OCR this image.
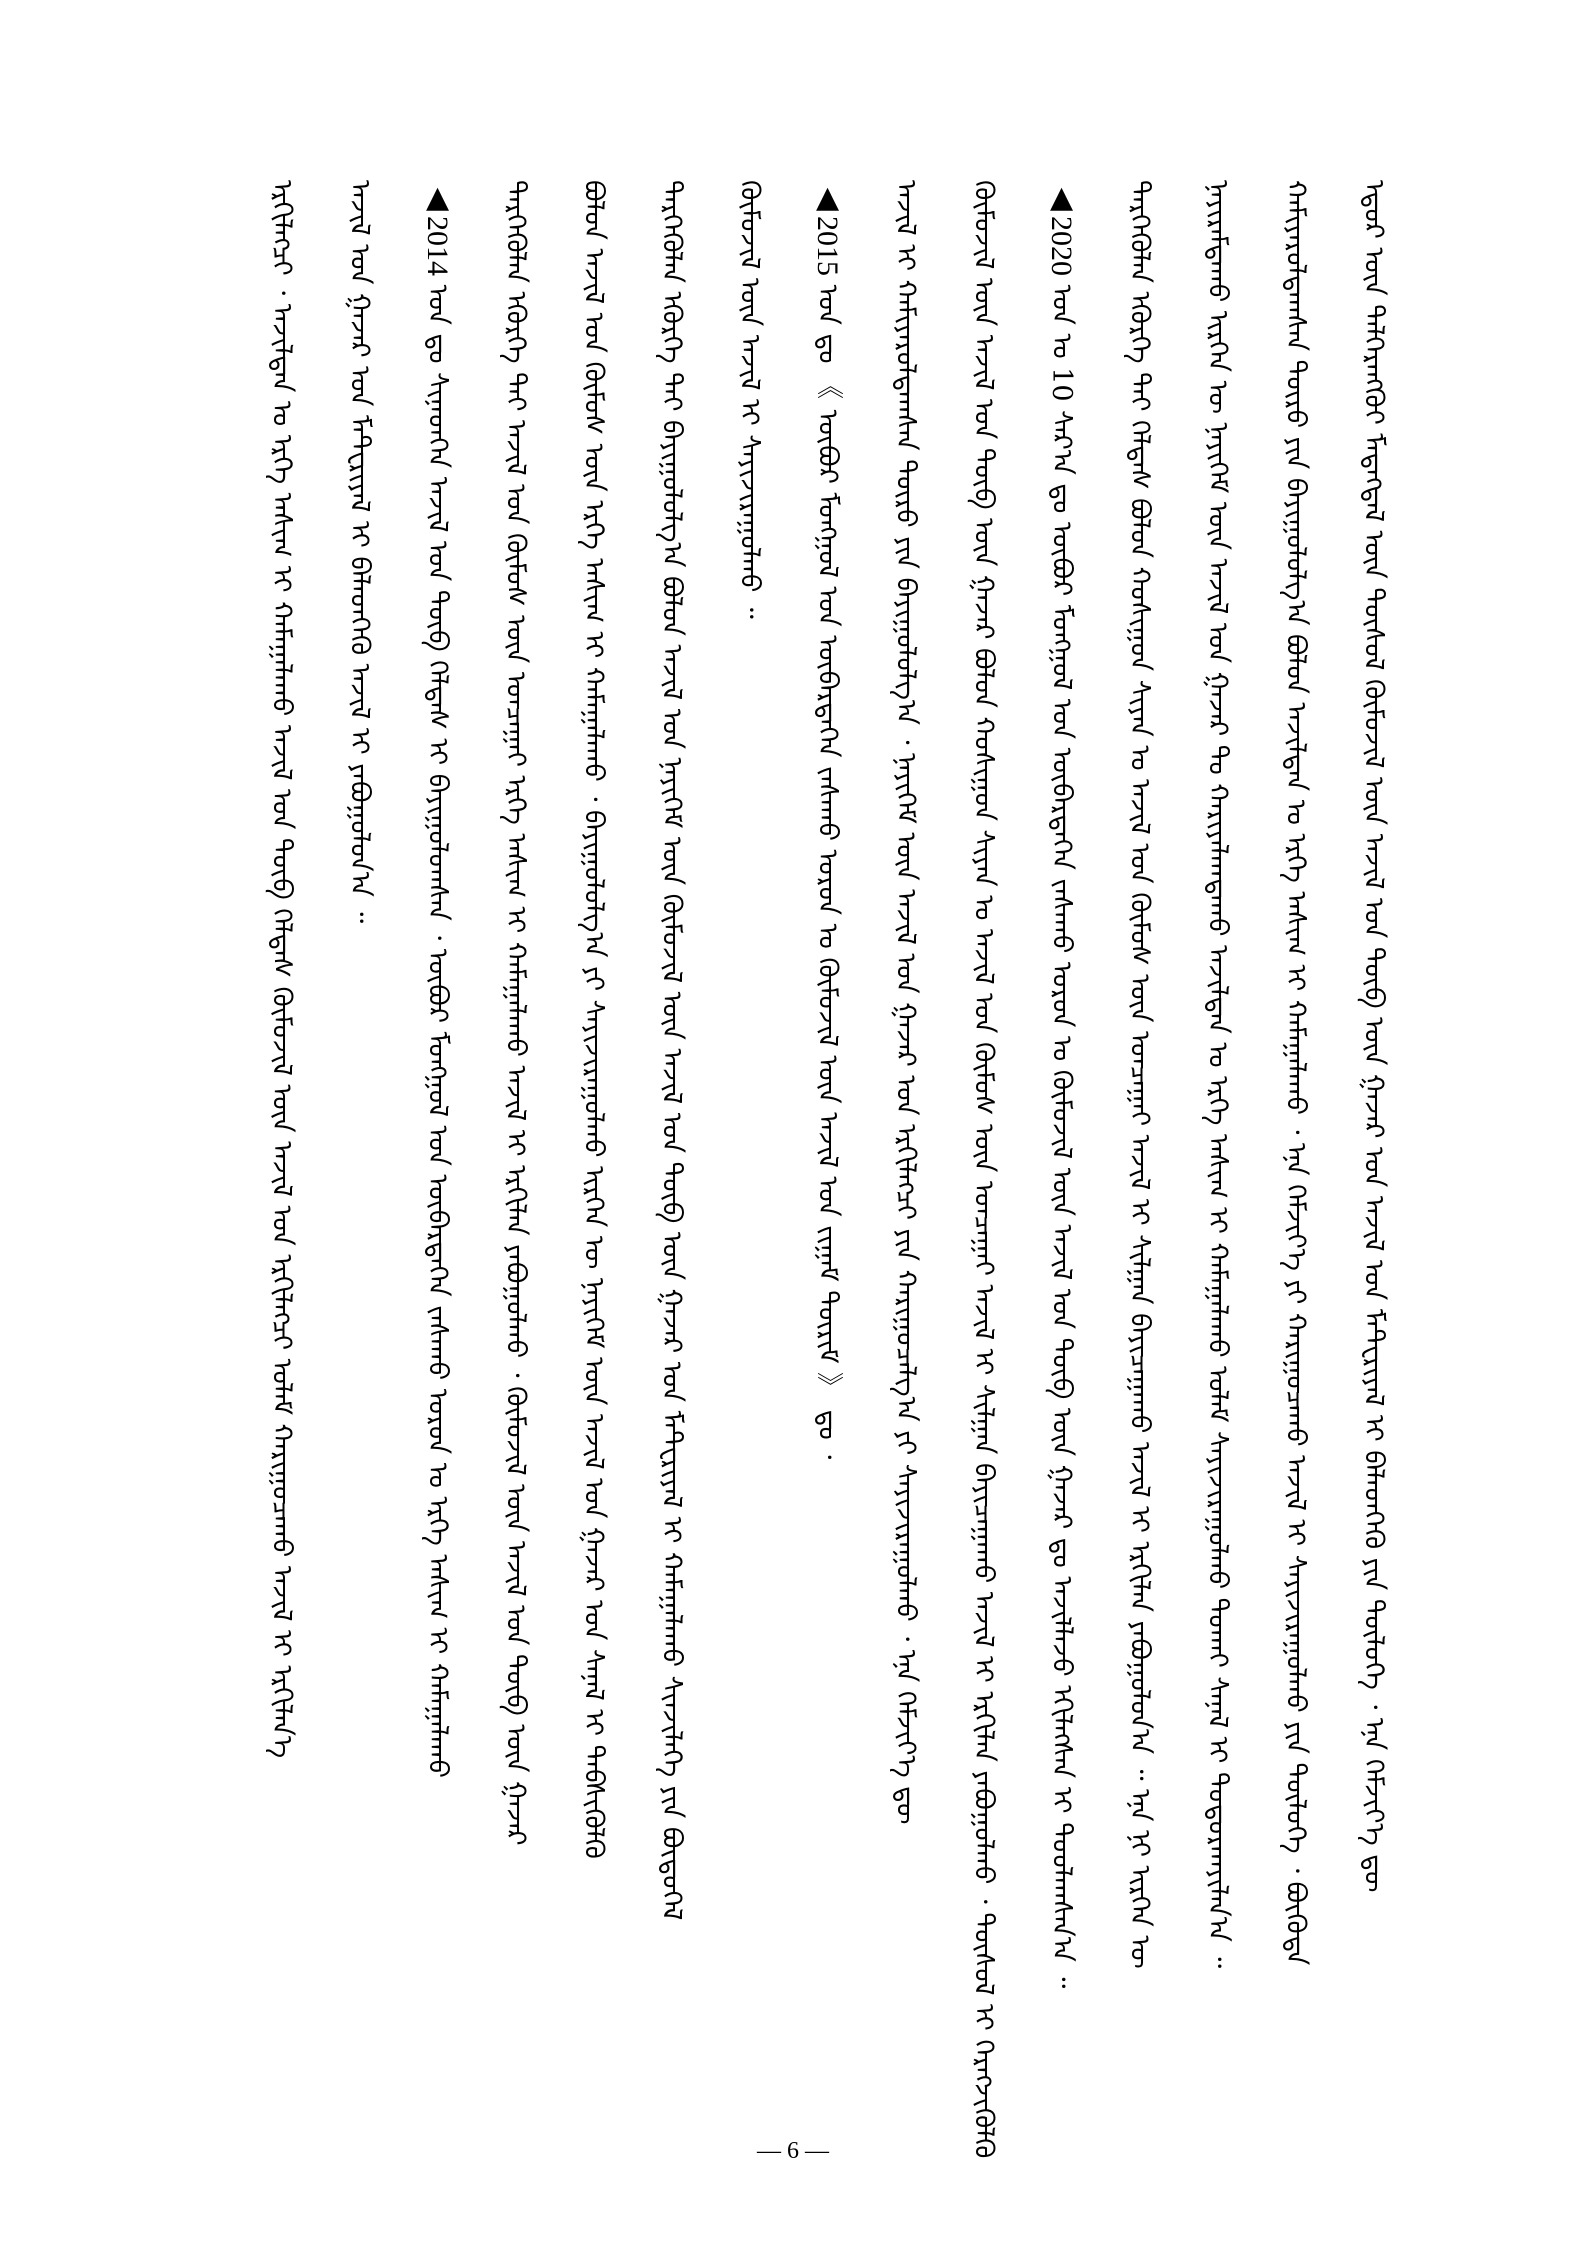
ᠡᠳᠦᠷ ᠦᠨ ᠳᠡᠯᠭᠡᠷᠡᠩᠭᠦᠢ ᠮᠡᠳᠡᠭᠳᠡᠯ ᠦᠨ ᠲᠥᠰᠥᠯ ᠬᠥᠮᠥᠵᠢᠯ ᠦᠨ ᠠᠵᠢᠯ ᠤᠨ ᠲᠥᠪ ᠦᠨ ᠭᠠᠵᠠᠷ ᠤᠨ ᠠᠵᠢᠯ ᠤᠨ ᠮᠠᠲ᠋ᠧᠷᠢᠶᠠᠯ ᠢ ᠪᠡᠯᠡᠳᠭᠡᠬᠦ ᠶᠢᠨ ᠲᠥᠯᠥᠭᠡ ᠂ ᠡᠨᠡ ᠬᠡᠮᠵᠢᠶ᠎ᠡ ᠳᠦ
ᠬᠠᠮᠢᠶᠠᠷᠤᠯᠳᠠᠭᠰᠠᠨ ᠲᠥᠷᠥ ᠶᠢᠨ ᠪᠠᠶᠢᠭᠤᠯᠤᠯᠭ᠎ᠠ ᠪᠣᠯᠤᠨ ᠠᠵᠢᠯᠲᠠᠨ ᠤ ᠡᠷᠬᠡ ᠠᠰᠢᠭ ᠢ ᠬᠠᠮᠠᠭᠠᠯᠠᠬᠤ ᠂ ᠡᠨᠡ ᠬᠡᠮᠵᠢᠶ᠎ᠡ ᠶᠢ ᠬᠠᠷᠢᠭᠤᠴᠠᠬᠤ ᠠᠵᠢᠯ ᠢ ᠰᠠᠶᠢᠵᠢᠷᠠᠭᠤᠯᠬᠤ ᠶᠢᠨ ᠲᠥᠯᠥᠭᠡ ᠂ ᠪᠦᠭᠦᠳᠡ
ᠨᠠᠶᠢᠷᠠᠮᠳᠠᠬᠤ ᠢᠷᠭᠡᠨ ᠦ ᠨᠡᠶᠢᠭᠡᠮ ᠦᠨ ᠠᠵᠢᠯ ᠤᠨ ᠭᠠᠵᠠᠷ ᠲᠤ ᠬᠠᠷᠢᠶᠠᠯᠠᠭᠳᠠᠬᠤ ᠠᠵᠢᠯᠲᠠᠨ ᠤ ᠡᠷᠬᠡ ᠠᠰᠢᠭ ᠢ ᠬᠠᠮᠠᠭᠠᠯᠠᠬᠤ ᠤᠯᠠᠮ ᠰᠠᠶᠢᠵᠢᠷᠠᠭᠤᠯᠬᠤ ᠲᠤᠬᠠᠢ ᠰᠠᠨᠠᠯ ᠢ ᠲᠣᠳᠣᠷᠬᠠᠶᠢᠯᠠᠨ᠎ᠠ ᠃
ᠲᠡᠷᠭᠡᠭᠦᠯᠡᠨ ᠡᠭᠦᠷᠭᠡ ᠲᠠᠢ ᠬᠡᠯᠲᠡᠰ ᠪᠣᠯᠤᠨ ᠬᠣᠰᠢᠭᠤᠨ ᠰᠢᠶᠠᠨ ᠤ ᠠᠵᠢᠯ ᠤᠨ ᠬᠦᠮᠦᠰ ᠦᠨ ᠣᠨᠴᠠᠭᠠᠢ ᠠᠵᠢᠯ ᠢ ᠰᠢᠯᠭᠠᠨ ᠪᠠᠶᠢᠴᠠᠭᠠᠬᠤ ᠠᠵᠢᠯ ᠢ ᠡᠷᠬᠢᠯᠡᠨ ᠶᠠᠪᠤᠭᠤᠯᠤᠨ᠎ᠠ ᠃ ᠡᠨᠡ ᠨᠢ ᠢᠷᠭᠡᠨ ᠦ
▲2020 ᠣᠨ ᠤ 10 ᠰᠠᠷ᠎ᠠ ᠳᠤ ᠥᠪᠥᠷ ᠮᠣᠩᠭᠣᠯ ᠤᠨ ᠥᠪᠡᠷᠲᠡᠭᠡᠨ ᠵᠠᠰᠠᠬᠤ ᠣᠷᠤᠨ ᠤ ᠬᠥᠮᠥᠵᠢᠯ ᠦᠨ ᠠᠵᠢᠯ ᠤᠨ ᠲᠥᠪ ᠦᠨ ᠭᠠᠵᠠᠷ ᠳᠤ ᠠᠵᠢᠯᠯᠠᠵᠤ ᠡᠬᠢᠯᠡᠭᠰᠡᠨ ᠢ ᠳᠤᠤᠯᠠᠭᠰᠠᠨ᠎ᠠ ᠃
ᠬᠥᠮᠥᠵᠢᠯ ᠦᠨ ᠠᠵᠢᠯ ᠤᠨ ᠲᠥᠪ ᠦᠨ ᠭᠠᠵᠠᠷ ᠪᠣᠯᠤᠨ ᠬᠣᠰᠢᠭᠤᠨ ᠰᠢᠶᠠᠨ ᠤ ᠠᠵᠢᠯ ᠤᠨ ᠬᠦᠮᠦᠰ ᠦᠨ ᠣᠨᠴᠠᠭᠠᠢ ᠠᠵᠢᠯ ᠢ ᠰᠢᠯᠭᠠᠨ ᠪᠠᠶᠢᠴᠠᠭᠠᠬᠤ ᠠᠵᠢᠯ ᠢ ᠡᠷᠬᠢᠯᠡᠨ ᠶᠠᠪᠤᠭᠤᠯᠬᠤ ᠂ ᠲᠥᠰᠥᠯ ᠢ ᠬᠡᠷᠡᠭᠵᠢᠭᠦᠯᠬᠦ
ᠠᠵᠢᠯ ᠢ ᠬᠠᠮᠢᠶᠠᠷᠤᠯᠳᠠᠭᠰᠠᠨ ᠲᠥᠷᠥ ᠶᠢᠨ ᠪᠠᠶᠢᠭᠤᠯᠤᠯᠭ᠎ᠠ ᠂ ᠨᠡᠶᠢᠭᠡᠮ ᠦᠨ ᠠᠵᠢᠯ ᠤᠨ ᠭᠠᠵᠠᠷ ᠤᠨ ᠡᠷᠬᠢᠯᠡᠭᠴᠢ ᠶᠢᠨ ᠬᠠᠷᠢᠭᠤᠴᠠᠯᠭ᠎ᠠ ᠶᠢ ᠰᠠᠶᠢᠵᠢᠷᠠᠭᠤᠯᠬᠤ ᠂ ᠡᠨᠡ ᠬᠡᠮᠵᠢᠶ᠎ᠡ ᠳᠦ
▲2015 ᠣᠨ ᠳᠤ 《 ᠥᠪᠥᠷ ᠮᠣᠩᠭᠣᠯ ᠤᠨ ᠥᠪᠡᠷᠲᠡᠭᠡᠨ ᠵᠠᠰᠠᠬᠤ ᠣᠷᠤᠨ ᠤ ᠬᠥᠮᠥᠵᠢᠯ ᠦᠨ ᠠᠵᠢᠯ ᠤᠨ ᠵᠢᠭᠠᠮ ᠳᠦᠷᠢᠮ 》 ᠳᠤ ᠂
ᠬᠥᠮᠥᠵᠢᠯ ᠦᠨ ᠠᠵᠢᠯ ᠢ ᠰᠠᠶᠢᠵᠢᠷᠠᠭᠤᠯᠬᠤ ᠃
ᠲᠡᠷᠭᠡᠭᠦᠯᠡᠨ ᠡᠭᠦᠷᠭᠡ ᠲᠠᠢ ᠪᠠᠶᠢᠭᠤᠯᠤᠯᠭ᠎ᠠ ᠪᠣᠯᠤᠨ ᠠᠵᠢᠯ ᠤᠨ ᠨᠡᠶᠢᠭᠡᠮ ᠦᠨ ᠬᠥᠮᠥᠵᠢᠯ ᠦᠨ ᠠᠵᠢᠯ ᠤᠨ ᠲᠥᠪ ᠦᠨ ᠭᠠᠵᠠᠷ ᠤᠨ ᠮᠠᠲ᠋ᠧᠷᠢᠶᠠᠯ ᠢ ᠬᠠᠮᠠᠭᠠᠯᠠᠬᠤ ᠰᠢᠨᠵᠢᠯᠡᠭᠡ ᠶᠢᠨ ᠪᠦᠲᠦᠭᠡᠯ
ᠪᠣᠯᠤᠨ ᠠᠵᠢᠯ ᠤᠨ ᠬᠦᠮᠦᠰ ᠦᠨ ᠡᠷᠬᠡ ᠠᠰᠢᠭ ᠢ ᠬᠠᠮᠠᠭᠠᠯᠠᠬᠤ ᠂ ᠪᠠᠶᠢᠭᠤᠯᠤᠯᠭ᠎ᠠ ᠶᠢ ᠰᠠᠶᠢᠵᠢᠷᠠᠭᠤᠯᠬᠤ ᠢᠷᠭᠡᠨ ᠦ ᠨᠡᠶᠢᠭᠡᠮ ᠦᠨ ᠠᠵᠢᠯ ᠤᠨ ᠭᠠᠵᠠᠷ ᠤᠨ ᠰᠠᠨᠠᠯ ᠢ ᠳᠡᠪᠰᠢᠭᠦᠯᠬᠦ
ᠲᠡᠷᠭᠡᠭᠦᠯᠡᠨ ᠡᠭᠦᠷᠭᠡ ᠲᠠᠢ ᠠᠵᠢᠯ ᠤᠨ ᠬᠦᠮᠦᠰ ᠦᠨ ᠣᠨᠴᠠᠭᠠᠢ ᠡᠷᠬᠡ ᠠᠰᠢᠭ ᠢ ᠬᠠᠮᠠᠭᠠᠯᠠᠬᠤ ᠠᠵᠢᠯ ᠢ ᠡᠷᠬᠢᠯᠡᠨ ᠶᠠᠪᠤᠭᠤᠯᠬᠤ ᠂ ᠬᠥᠮᠥᠵᠢᠯ ᠦᠨ ᠠᠵᠢᠯ ᠤᠨ ᠲᠥᠪ ᠦᠨ ᠭᠠᠵᠠᠷ
▲2014 ᠣᠨ ᠳᠤ ᠰᠢᠨᠡᠳᠬᠡᠨ ᠠᠵᠢᠯ ᠤᠨ ᠲᠥᠪ ᠬᠡᠯᠲᠡᠰ ᠢ ᠪᠠᠶᠢᠭᠤᠯᠤᠭᠰᠠᠨ ᠂ ᠥᠪᠥᠷ ᠮᠣᠩᠭᠣᠯ ᠤᠨ ᠥᠪᠡᠷᠲᠡᠭᠡᠨ ᠵᠠᠰᠠᠬᠤ ᠣᠷᠤᠨ ᠤ ᠡᠷᠬᠡ ᠠᠰᠢᠭ ᠢ ᠬᠠᠮᠠᠭᠠᠯᠠᠬᠤ
ᠠᠵᠢᠯ ᠤᠨ ᠭᠠᠵᠠᠷ ᠤᠨ ᠮᠠᠲ᠋ᠧᠷᠢᠶᠠᠯ ᠢ ᠪᠡᠯᠡᠳᠭᠡᠬᠦ ᠠᠵᠢᠯ ᠢ ᠶᠠᠪᠤᠭᠤᠯᠤᠨ᠎ᠠ ᠃
ᠡᠷᠬᠢᠯᠡᠭᠴᠢ ᠂ ᠠᠵᠢᠯᠲᠠᠨ ᠤ ᠡᠷᠬᠡ ᠠᠰᠢᠭ ᠢ ᠬᠠᠮᠠᠭᠠᠯᠠᠬᠤ ᠠᠵᠢᠯ ᠤᠨ ᠲᠥᠪ ᠬᠡᠯᠲᠡᠰ ᠬᠥᠮᠥᠵᠢᠯ ᠦᠨ ᠠᠵᠢᠯ ᠤᠨ ᠡᠷᠬᠢᠯᠡᠭᠴᠢ ᠤᠯᠠᠮ ᠬᠠᠷᠢᠭᠤᠴᠠᠬᠤ ᠠᠵᠢᠯ ᠢ ᠡᠷᠬᠢᠯᠡᠨ᠎ᠡ
— 6 —
